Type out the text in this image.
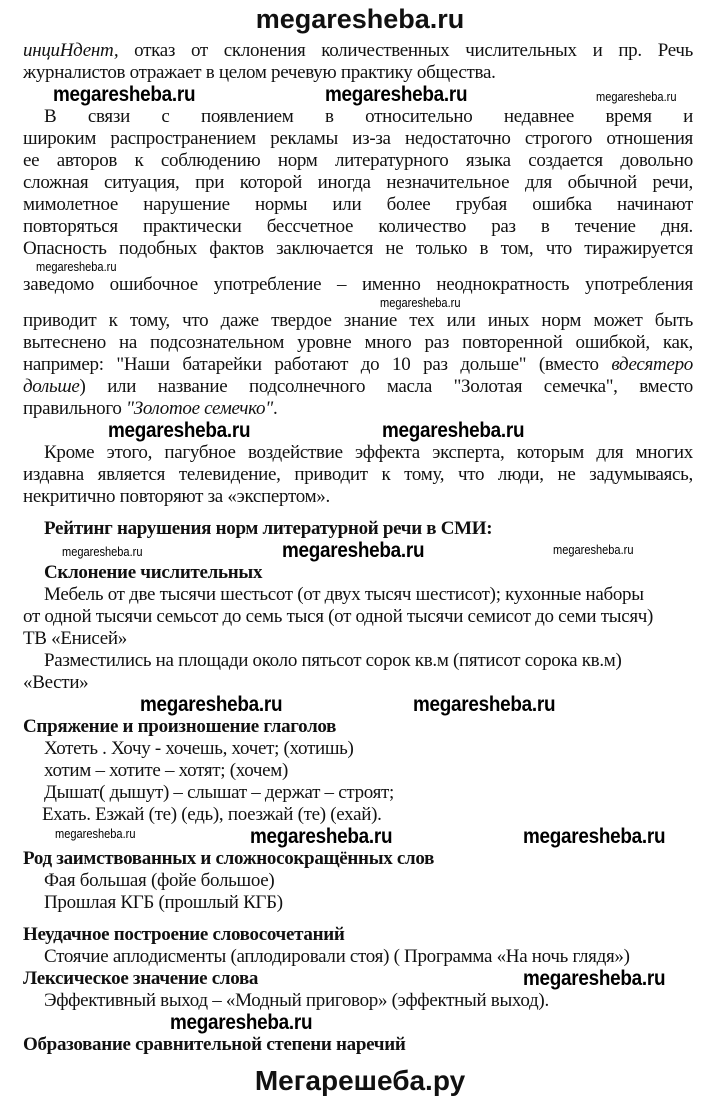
megaresheba.ru
инциНдент, отказ от склонения количественных числительных и пр. Речь
журналистов отражает в целом речевую практику общества.
megaresheba.ru	megaresheba.ru	megaresheba.ru
В связи с появлением в относительно недавнее время и
широким распространением рекламы из-за недостаточно строгого отношения
ее авторов к соблюдению норм литературного языка создается довольно
сложная ситуация, при которой иногда незначительное для обычной речи,
мимолетное нарушение нормы или более грубая ошибка начинают
повторяться практически бессчетное количество раз в течение дня.
Опасность подобных фактов заключается не только в том, что тиражируется
megaresheba.ru
заведомо ошибочное употребление – именно неоднократность употребления
megaresheba.ru
приводит к тому, что даже твердое знание тех или иных норм может быть
вытеснено на подсознательном уровне много раз повторенной ошибкой, как,
например: "Наши батарейки работают до 10 раз дольше" (вместо вдесятеро
дольше) или название подсолнечного масла "Золотая семечка", вместо
правильного "Золотое семечко".
megaresheba.ru	megaresheba.ru
Кроме этого, пагубное воздействие эффекта эксперта, которым для многих
издавна является телевидение, приводит к тому, что люди, не задумываясь,
некритично повторяют за «экспертом».
Рейтинг нарушения норм литературной речи в СМИ:
megaresheba.ru	megaresheba.ru	megaresheba.ru
Склонение числительных
Мебель от две тысячи шестьсот (от двух тысяч шестисот); кухонные наборы
от одной тысячи семьсот до семь тыся (от одной тысячи семисот до семи тысяч)
ТВ «Енисей»
Разместились на площади около пятьсот сорок кв.м (пятисот сорока кв.м)
«Вести»
megaresheba.ru	megaresheba.ru
Спряжение и произношение глаголов
Хотеть . Хочу - хочешь, хочет; (хотишь)
хотим – хотите – хотят; (хочем)
Дышат( дышут) – слышат – держат – строят;
Ехать. Езжай (те) (едь), поезжай (те) (ехай).
megaresheba.ru	megaresheba.ru	megaresheba.ru
Род заимствованных и сложносокращённых слов
Фая большая (фойе большое)
Прошлая КГБ (прошлый КГБ)
Неудачное построение словосочетаний
Стоячие аплодисменты (аплодировали стоя) ( Программа «На ночь глядя»)
Лексическое значение слова	megaresheba.ru
Эффективный выход – «Модный приговор» (эффектный выход).
megaresheba.ru
Образование сравнительной степени наречий
Мегарешеба.ру
